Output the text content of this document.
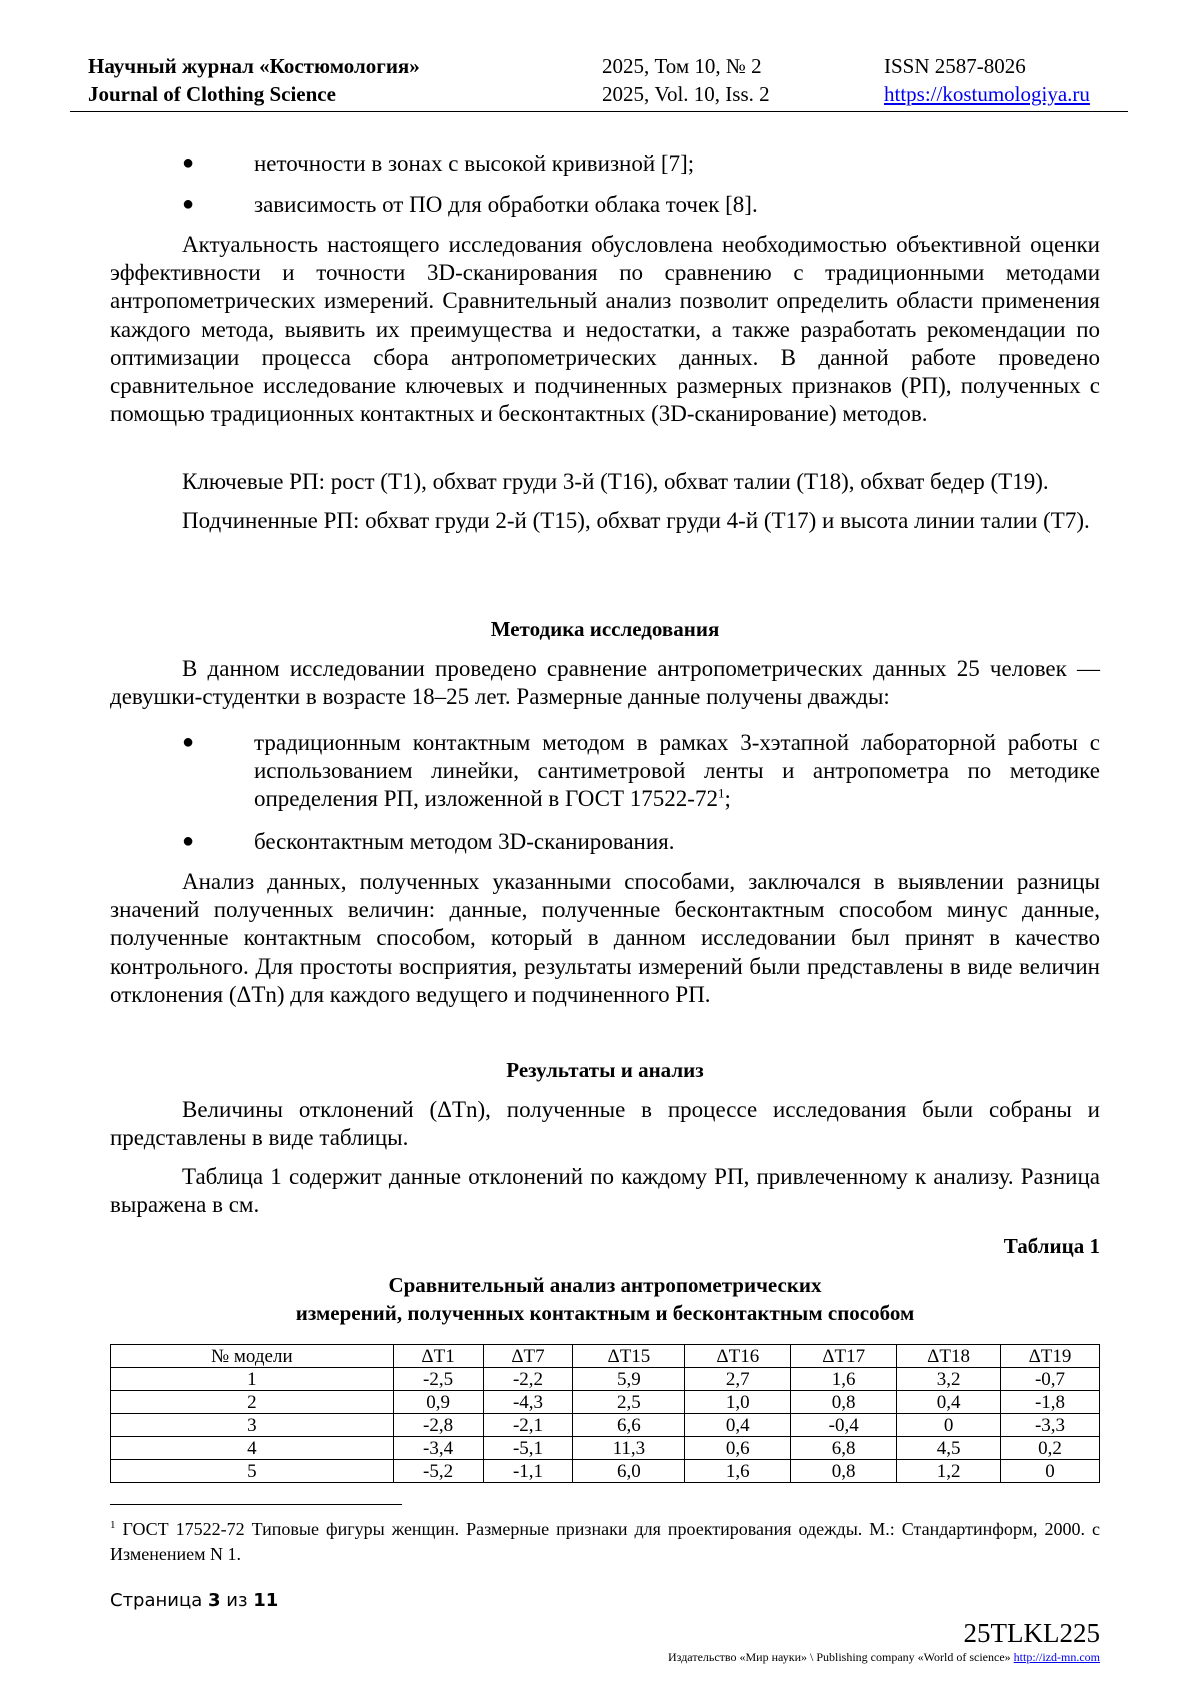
Научный журнал «Костюмология»
Journal of Clothing Science
2025, Том 10, № 2
2025, Vol. 10, Iss. 2
ISSN 2587-8026
https://kostumologiya.ru
●	неточности в зонах с высокой кривизной [7];

●	зависимость от ПО для обработки облака точек [8].

Актуальность настоящего исследования обусловлена необходимостью объективной оценки эффективности и точности 3D-сканирования по сравнению с традиционными методами антропометрических измерений. Сравнительный анализ позволит определить области применения каждого метода, выявить их преимущества и недостатки, а также разработать рекомендации по оптимизации процесса сбора антропометрических данных. В данной работе проведено сравнительное исследование ключевых и подчиненных размерных признаков (РП), полученных с помощью традиционных контактных и бесконтактных (3D-сканирование) методов.

Ключевые РП: рост (Т1), обхват груди 3-й (Т16), обхват талии (Т18), обхват бедер (Т19).

Подчиненные РП: обхват груди 2-й (Т15), обхват груди 4-й (Т17) и высота линии талии (Т7).

Методика исследования

В данном исследовании проведено сравнение антропометрических данных 25 человек — девушки-студентки в возрасте 18–25 лет. Размерные данные получены дважды:

●	традиционным контактным методом в рамках 3-хэтапной лабораторной работы с использованием линейки, сантиметровой ленты и антропометра по методике определения РП, изложенной в ГОСТ $17522-72^1$;

●	бесконтактным методом 3D-сканирования.

Анализ данных, полученных указанными способами, заключался в выявлении разницы значений полученных величин: данные, полученные бесконтактным способом минус данные, полученные контактным способом, который в данном исследовании был принят в качество контрольного. Для простоты восприятия, результаты измерений были представлены в виде величин отклонения (ΔTn) для каждого ведущего и подчиненного РП.

Результаты и анализ

Величины отклонений (ΔTn), полученные в процессе исследования были собраны и представлены в виде таблицы.

Таблица 1 содержит данные отклонений по каждому РП, привлеченному к анализу. Разница выражена в см.

Таблица 1

Сравнительный анализ антропометрических

измерений, полученных контактным и бесконтактным способом

№ модели	ΔТ1	ΔТ7	ΔТ15	ΔТ16	ΔТ17	ΔТ18	ΔТ19
1	-2,5	-2,2	5,9	2,7	1,6	3,2	-0,7
2	0,9	-4,3	2,5	1,0	0,8	0,4	-1,8
3	-2,8	-2,1	6,6	0,4	-0,4	0	-3,3
4	-3,4	-5,1	11,3	0,6	6,8	4,5	0,2
5	-5,2	-1,1	6,0	1,6	0,8	1,2	0

$^1$ ГОСТ 17522-72 Типовые фигуры женщин. Размерные признаки для проектирования одежды. М.: Стандартинформ, 2000. с Изменением N 1.

Страница 3 из 11
25TLKL225
Издательство «Мир науки» \ Publishing company «World of science» http://izd-mn.com
